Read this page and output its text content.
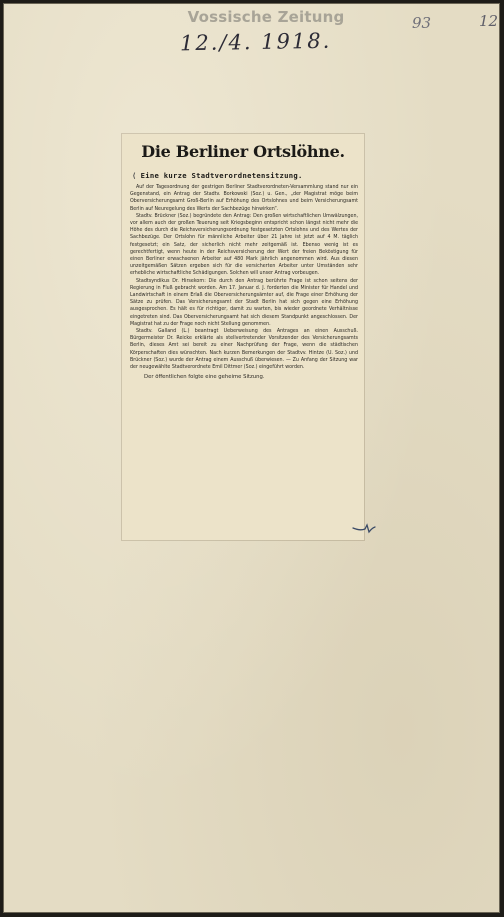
Vossische Zeitung
12./4. 1918.
93	12
Die Berliner Ortslöhne.
⟨ Eine kurze Stadtverordnetensitzung.

Auf der Tagesordnung der gestrigen Berliner Stadtverordneten-Versammlung stand nur ein Gegenstand, ein Antrag der Stadtv. Borkowski (Soz.) u. Gen., „der Magistrat möge beim Oberversicherungsamt Groß-Berlin auf Erhöhung des Ortslohnes und beim Versicherungsamt Berlin auf Neuregelung des Werts der Sachbezüge hinwirken“.

Stadtv. Brückner (Soz.) begründete den Antrag: Den großen wirtschaftlichen Umwälzungen, vor allem auch der großen Teuerung seit Kriegsbeginn entspricht schon längst nicht mehr die Höhe des durch die Reichsversicherungsordnung festgesetzten Ortslohns und des Wertes der Sachbezüge. Der Ortslohn für männliche Arbeiter über 21 Jahre ist jetzt auf 4 M. täglich festgesetzt; ein Satz, der sicherlich nicht mehr zeitgemäß ist. Ebenso wenig ist es gerechtfertigt, wenn heute in der Reichsversicherung der Wert der freien Beköstigung für einen Berliner erwachsenen Arbeiter auf 480 Mark jährlich angenommen wird. Aus diesen unzeitgemäßen Sätzen ergeben sich für die versicherten Arbeiter unter Umständen sehr erhebliche wirtschaftliche Schädigungen. Solchen will unser Antrag vorbeugen.

Stadtsyndikus Dr. Hirsekorn: Die durch den Antrag berührte Frage ist schon seitens der Regierung in Fluß gebracht worden. Am 17. Januar d. J. forderten die Minister für Handel und Landwirtschaft in einem Erlaß die Oberversicherungsämter auf, die Frage einer Erhöhung der Sätze zu prüfen. Das Versicherungsamt der Stadt Berlin hat sich gegen eine Erhöhung ausgesprochen. Es hält es für richtiger, damit zu warten, bis wieder geordnete Verhältnisse eingetreten sind. Das Oberversicherungsamt hat sich diesem Standpunkt angeschlossen. Der Magistrat hat zu der Frage noch nicht Stellung genommen.

Stadtv. Galland (L.) beantragt Ueberweisung des Antrages an einen Ausschuß. Bürgermeister Dr. Reicke erklärte als stellvertretender Vorsitzender des Versicherungsamts Berlin, dieses Amt sei bereit zu einer Nachprüfung der Frage, wenn die städtischen Körperschaften dies wünschten. Nach kurzen Bemerkungen der Stadtvv. Hintze (U. Soz.) und Brückner (Soz.) wurde der Antrag einem Ausschuß überwiesen. — Zu Anfang der Sitzung war der neugewählte Stadtverordnete Emil Dittmer (Soz.) eingeführt worden.

Der öffentlichen folgte eine geheime Sitzung.
